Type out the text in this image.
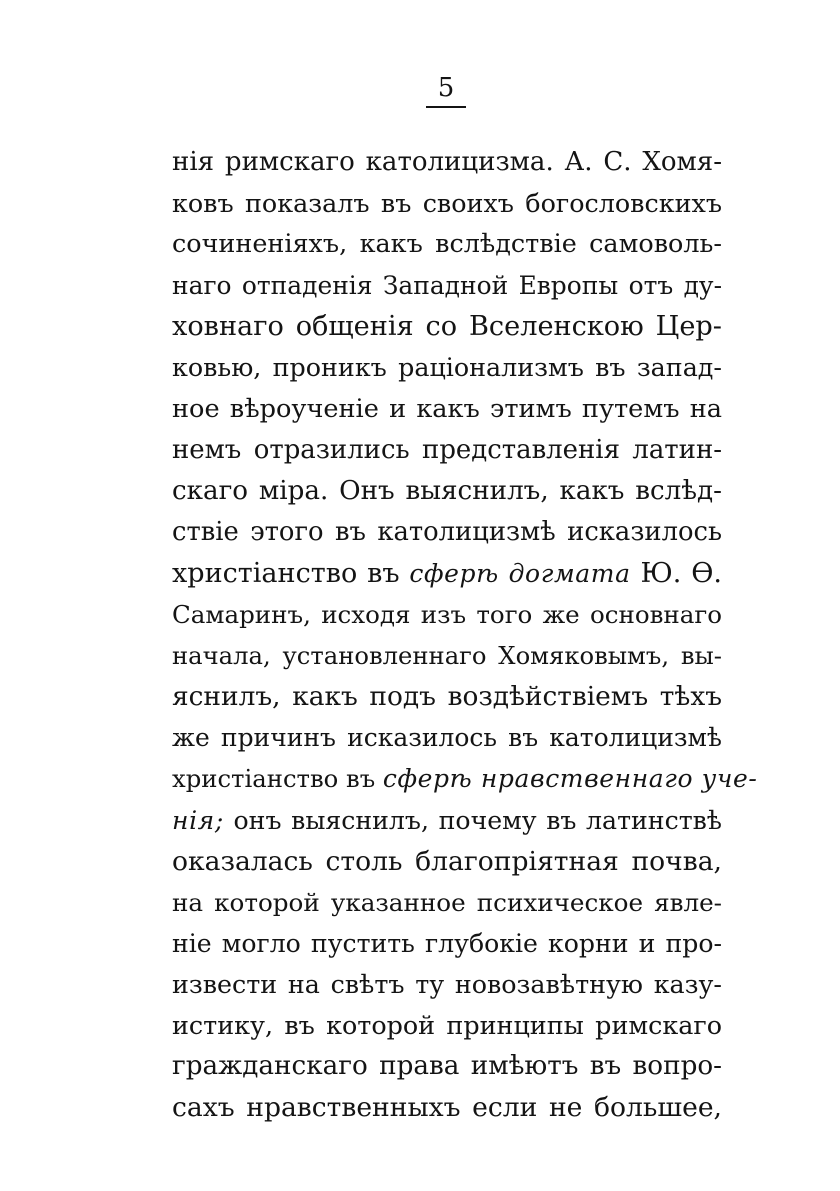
5
нія римскаго католицизма. А. С. Хомя-
ковъ показалъ въ своихъ богословскихъ
сочиненіяхъ, какъ вслѣдствіе самоволь-
наго отпаденія Западной Европы отъ ду-
ховнаго общенія со Вселенскою Цер-
ковью, проникъ раціонализмъ въ запад-
ное вѣроученіе и какъ этимъ путемъ на
немъ отразились представленія латин-
скаго міра. Онъ выяснилъ, какъ вслѣд-
ствіе этого въ католицизмѣ исказилось
христіанство въ сферѣ догмата Ю. Ѳ.
Самаринъ, исходя изъ того же основнаго
начала, установленнаго Хомяковымъ, вы-
яснилъ, какъ подъ воздѣйствіемъ тѣхъ
же причинъ исказилось въ католицизмѣ
христіанство въ сферѣ нравственнаго уче-
нія; онъ выяснилъ, почему въ латинствѣ
оказалась столь благопріятная почва,
на которой указанное психическое явле-
ніе могло пустить глубокіе корни и про-
извести на свѣтъ ту новозавѣтную казу-
истику, въ которой принципы римскаго
гражданскаго права имѣютъ въ вопро-
сахъ нравственныхъ если не большее,
